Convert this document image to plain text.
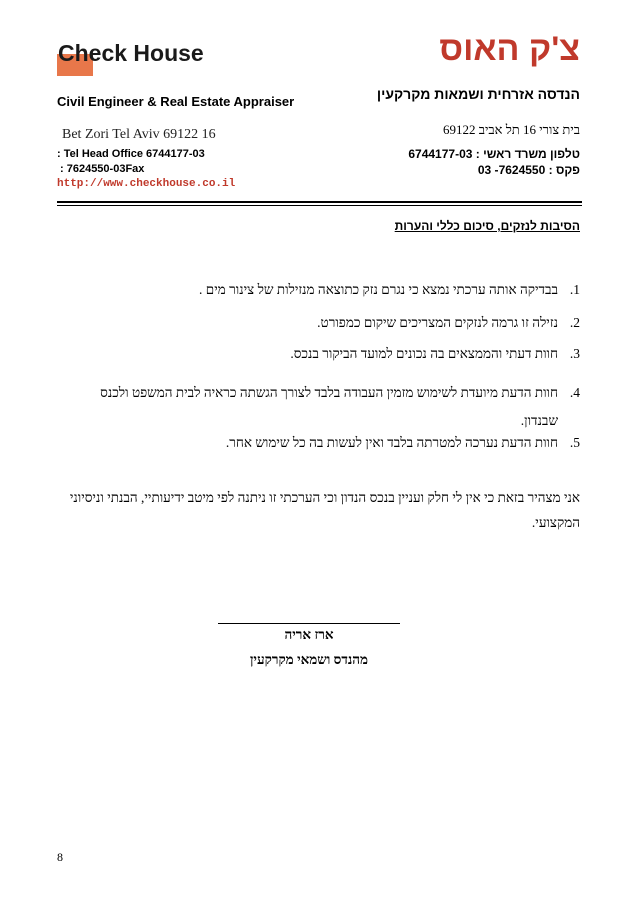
Check House
Civil Engineer & Real Estate Appraiser
Bet Zori Tel Aviv 69122 16
: Tel Head Office 6744177-03
: 7624550-03Fax
http://www.checkhouse.co.il
צ'ק האוס
הנדסה אזרחית ושמאות מקרקעין
בית צורי 16 תל אביב 69122
טלפון משרד ראשי : 6744177-03
פקס : 7624550- 03
הסיבות לנזקים, סיכום כללי והערות
1.
בבדיקה אותה ערכתי נמצא כי נגרם נזק כתוצאה מנזילות של צינור מים .
2.
נזילה זו גרמה לנזקים המצריכים שיקום כמפורט.
3.
חוות דעתי והממצאים בה נכונים למועד הביקור בנכס.
4.
חוות הדעת מיועדת לשימוש מזמין העבודה בלבד לצורך הגשתה כראיה לבית המשפט ולכנס שבנדון.
5.
חוות הדעת נערכה למטרתה בלבד ואין לעשות בה כל שימוש אחר.
אני מצהיר בזאת כי אין לי חלק ועניין בנכס הנדון וכי הערכתי זו ניתנה לפי מיטב ידיעותיי, הבנתי וניסיוני המקצועי.
ארז אריה
מהנדס ושמאי מקרקעין
8
